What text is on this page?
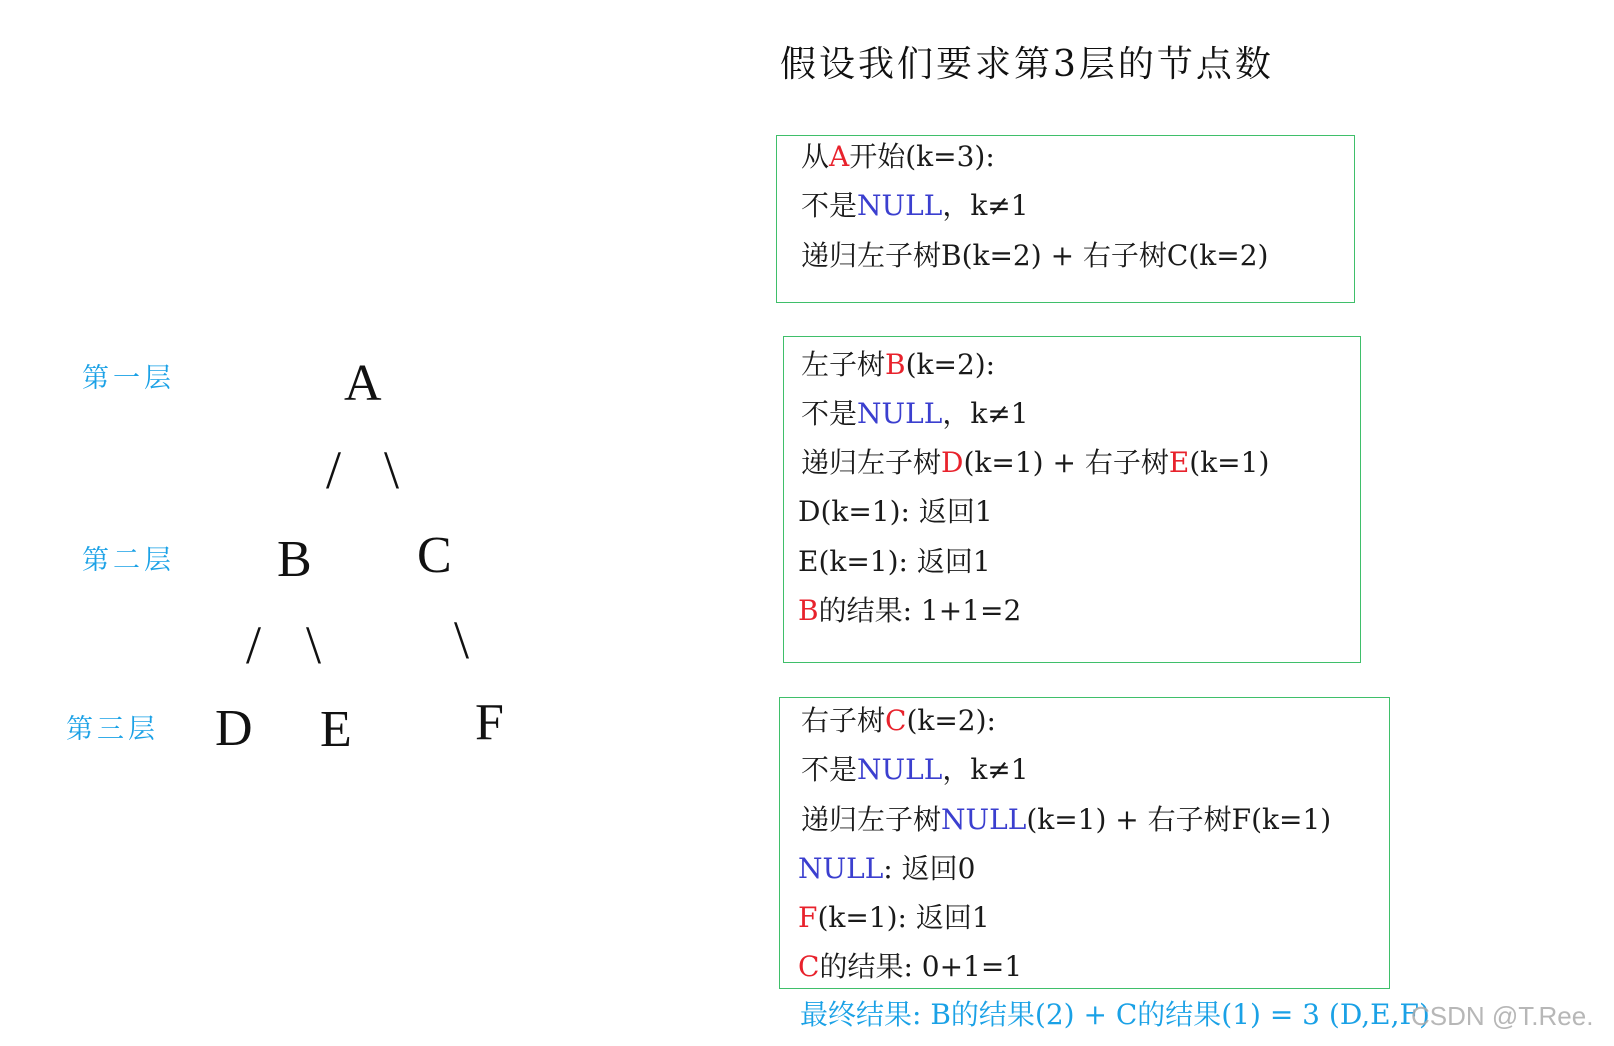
假设我们要求第3层的节点数
第一层
第二层
第三层
A
B C
D E F
/ \
/ \ \
从A开始(k=3):
不是NULL，k≠1
递归左子树B(k=2) + 右子树C(k=2)
左子树B(k=2):
不是NULL，k≠1
递归左子树D(k=1) + 右子树E(k=1)
D(k=1): 返回1
E(k=1): 返回1
B的结果: 1+1=2
右子树C(k=2):
不是NULL，k≠1
递归左子树NULL(k=1) + 右子树F(k=1)
NULL: 返回0
F(k=1): 返回1
C的结果: 0+1=1
最终结果: B的结果(2) + C的结果(1) = 3 (D,E,F)
CSDN @T.Ree.
